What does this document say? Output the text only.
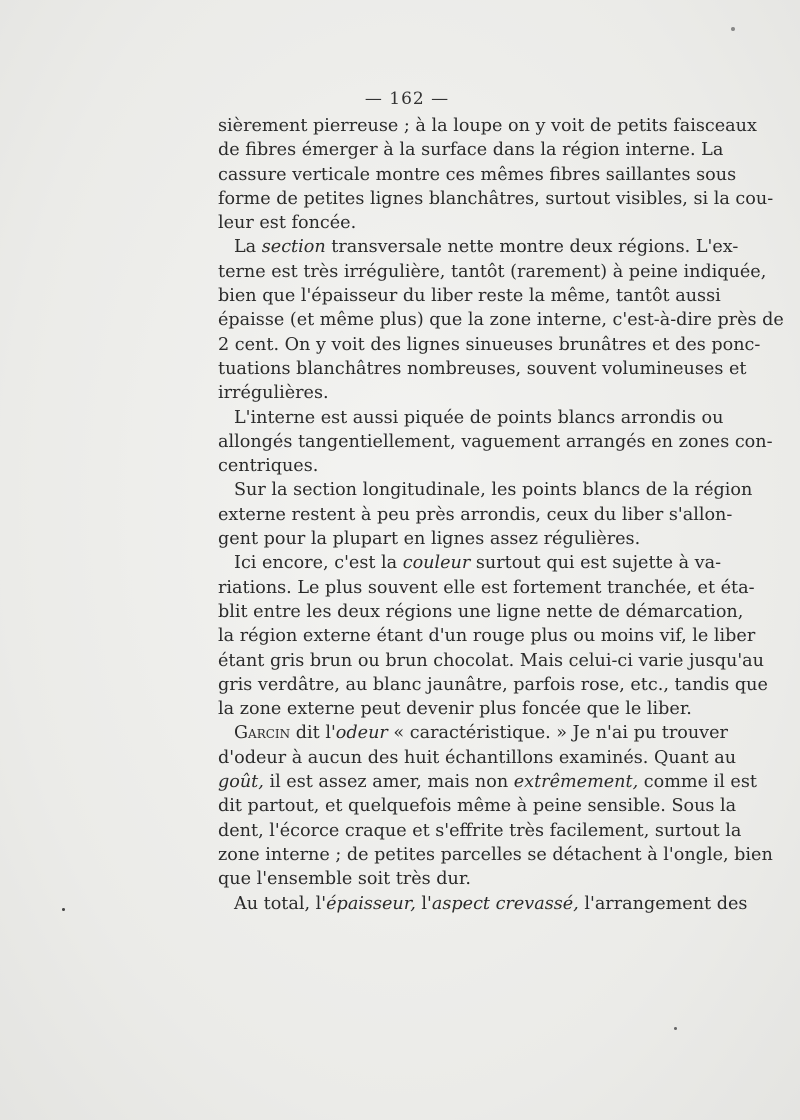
— 162 —

sièrement pierreuse ; à la loupe on y voit de petits faisceaux
de fibres émerger à la surface dans la région interne. La
cassure verticale montre ces mêmes fibres saillantes sous
forme de petites lignes blanchâtres, surtout visibles, si la cou-
leur est foncée.

La section transversale nette montre deux régions. L'ex-
terne est très irrégulière, tantôt (rarement) à peine indiquée,
bien que l'épaisseur du liber reste la même, tantôt aussi
épaisse (et même plus) que la zone interne, c'est-à-dire près de
2 cent. On y voit des lignes sinueuses brunâtres et des ponc-
tuations blanchâtres nombreuses, souvent volumineuses et
irrégulières.

L'interne est aussi piquée de points blancs arrondis ou
allongés tangentiellement, vaguement arrangés en zones con-
centriques.

Sur la section longitudinale, les points blancs de la région
externe restent à peu près arrondis, ceux du liber s'allon-
gent pour la plupart en lignes assez régulières.

Ici encore, c'est la couleur surtout qui est sujette à va-
riations. Le plus souvent elle est fortement tranchée, et éta-
blit entre les deux régions une ligne nette de démarcation,
la région externe étant d'un rouge plus ou moins vif, le liber
étant gris brun ou brun chocolat. Mais celui-ci varie jusqu'au
gris verdâtre, au blanc jaunâtre, parfois rose, etc., tandis que
la zone externe peut devenir plus foncée que le liber.

Garcin dit l'odeur « caractéristique. » Je n'ai pu trouver
d'odeur à aucun des huit échantillons examinés. Quant au
goût, il est assez amer, mais non extrêmement, comme il est
dit partout, et quelquefois même à peine sensible. Sous la
dent, l'écorce craque et s'effrite très facilement, surtout la
zone interne ; de petites parcelles se détachent à l'ongle, bien
que l'ensemble soit très dur.

Au total, l'épaisseur, l'aspect crevassé, l'arrangement des
